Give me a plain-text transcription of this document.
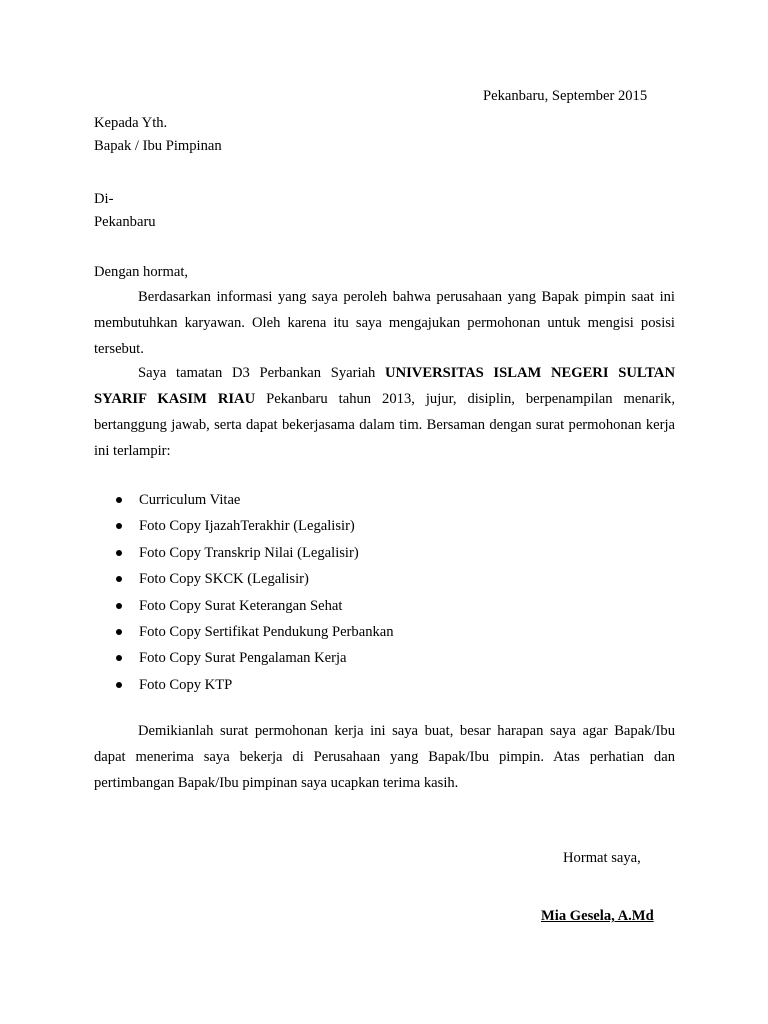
Pekanbaru, September 2015
Kepada Yth.
Bapak / Ibu Pimpinan
Di-
Pekanbaru
Dengan hormat,

Berdasarkan informasi yang saya peroleh bahwa perusahaan yang Bapak pimpin saat ini membutuhkan karyawan. Oleh karena itu saya mengajukan permohonan untuk mengisi posisi tersebut.

Saya tamatan D3 Perbankan Syariah UNIVERSITAS ISLAM NEGERI SULTAN SYARIF KASIM RIAU Pekanbaru tahun 2013, jujur, disiplin, berpenampilan menarik, bertanggung jawab, serta dapat bekerjasama dalam tim. Bersaman dengan surat permohonan kerja ini terlampir:

Curriculum Vitae
Foto Copy IjazahTerakhir (Legalisir)
Foto Copy Transkrip Nilai (Legalisir)
Foto Copy SKCK (Legalisir)
Foto Copy Surat Keterangan Sehat
Foto Copy Sertifikat Pendukung Perbankan
Foto Copy Surat Pengalaman Kerja
Foto Copy KTP

Demikianlah surat permohonan kerja ini saya buat, besar harapan saya agar Bapak/Ibu dapat menerima saya bekerja di Perusahaan yang Bapak/Ibu pimpin. Atas perhatian dan pertimbangan Bapak/Ibu pimpinan saya ucapkan terima kasih.

Hormat saya,
Mia Gesela, A.Md
